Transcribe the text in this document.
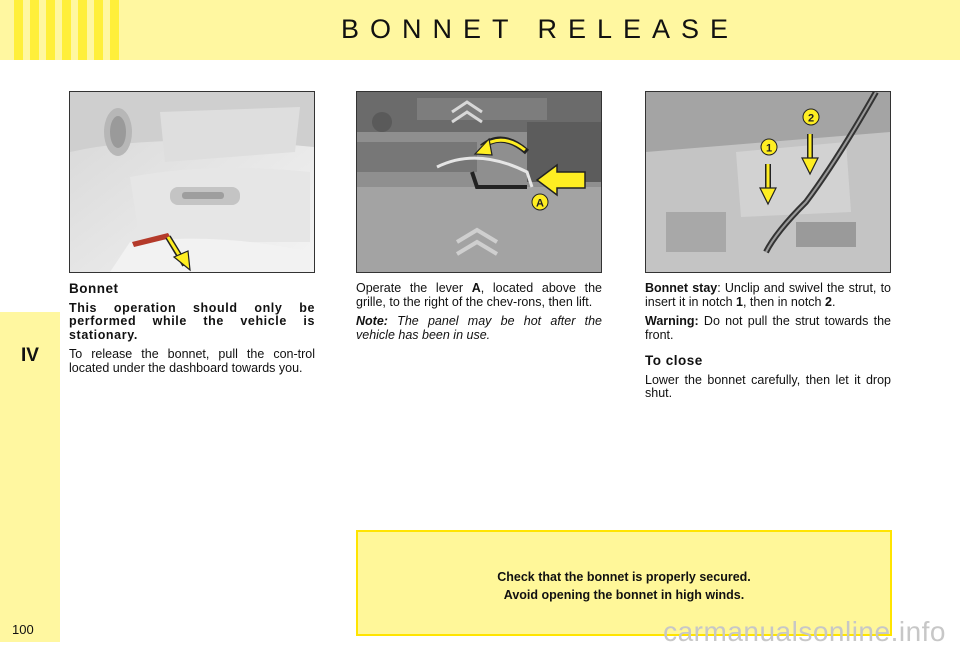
BONNET RELEASE
IV
100
A
1
2
Bonnet

This operation should only be performed while the vehicle is stationary.

To release the bonnet, pull the con-trol located under the dashboard towards you.

Operate the lever A, located above the grille, to the right of the chev-rons, then lift.

Note: The panel may be hot after the vehicle has been in use.

Bonnet stay: Unclip and swivel the strut, to insert it in notch 1, then in notch 2.

Warning: Do not pull the strut towards the front.

To close

Lower the bonnet carefully, then let it drop shut.

Check that the bonnet is properly secured.
Avoid opening the bonnet in high winds.
carmanualsonline.info
